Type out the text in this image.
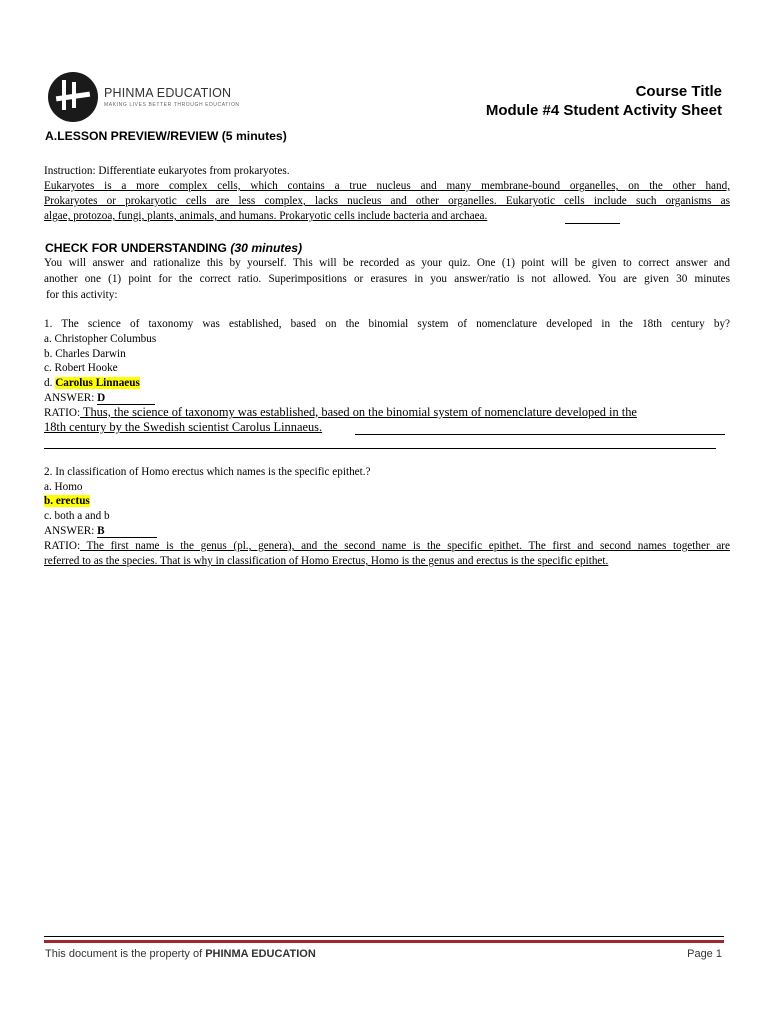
PHINMA EDUCATION
MAKING LIVES BETTER THROUGH EDUCATION
Course Title
Module #4 Student Activity Sheet
A.LESSON PREVIEW/REVIEW (5 minutes)
Instruction: Differentiate eukaryotes from prokaryotes.
Eukaryotes is a more complex cells, which contains a true nucleus and many membrane-bound organelles, on the other hand,
Prokaryotes or prokaryotic cells are less complex, lacks nucleus and other organelles. Eukaryotic cells include such organisms as
algae, protozoa, fungi, plants, animals, and humans. Prokaryotic cells include bacteria and archaea.
CHECK FOR UNDERSTANDING (30 minutes)
You will answer and rationalize this by yourself. This will be recorded as your quiz. One (1) point will be given to correct answer and
another one (1) point for the correct ratio. Superimpositions or erasures in you answer/ratio is not allowed. You are given 30 minutes
for this activity:
1. The science of taxonomy was established, based on the binomial system of nomenclature developed in the 18th century by?
a. Christopher Columbus
b. Charles Darwin
c. Robert Hooke
d. Carolus Linnaeus
ANSWER: D
RATIO: Thus, the science of taxonomy was established, based on the binomial system of nomenclature developed in the
18th century by the Swedish scientist Carolus Linnaeus.
2. In classification of Homo erectus which names is the specific epithet.?
a. Homo
b. erectus
c. both a and b
ANSWER: B
RATIO: The first name is the genus (pl., genera), and the second name is the specific epithet. The first and second names together are
referred to as the species. That is why in classification of Homo Erectus, Homo is the genus and erectus is the specific epithet.
This document is the property of PHINMA EDUCATION	Page 1
